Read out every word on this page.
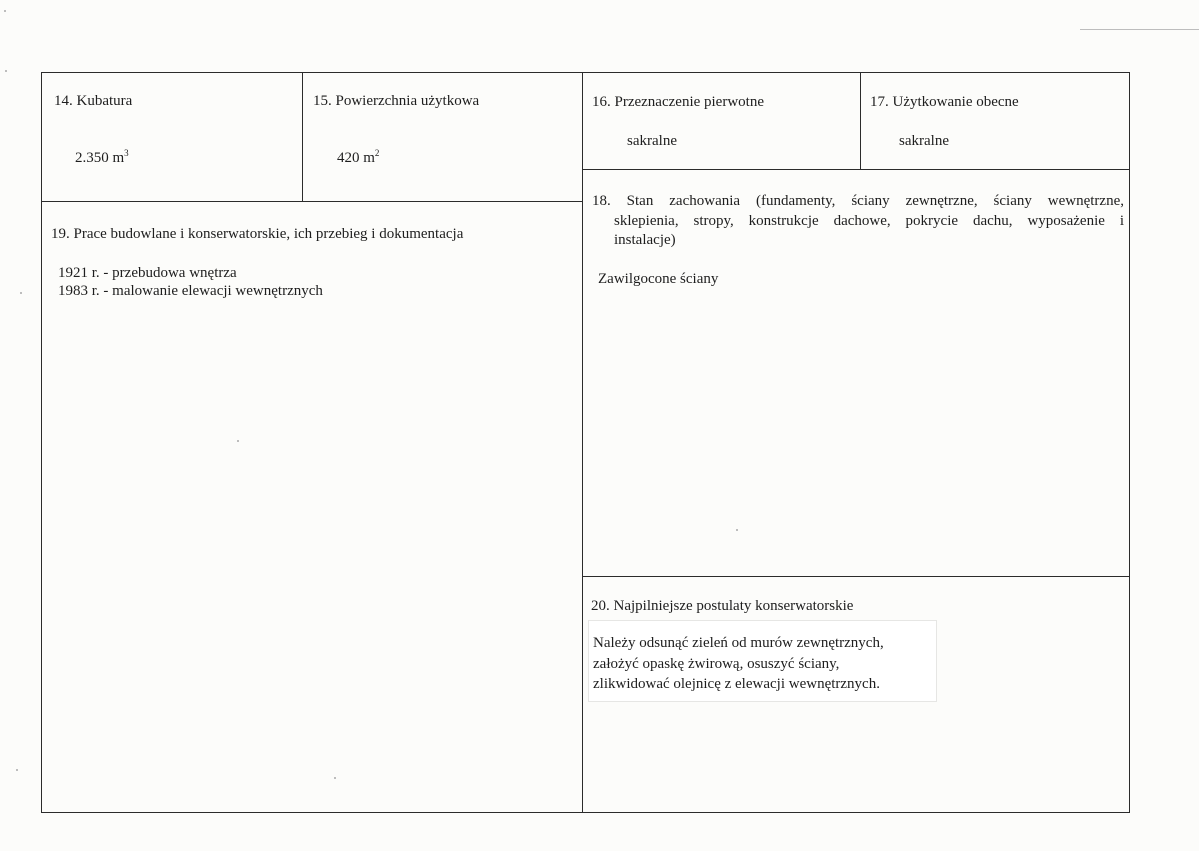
14. Kubatura
2.350 $m^3$
15. Powierzchnia użytkowa
420 $m^2$
16. Przeznaczenie pierwotne
sakralne
17. Użytkowanie obecne
sakralne
18. Stan zachowania (fundamenty, ściany zewnętrzne, ściany wewnętrzne,
sklepienia, stropy, konstrukcje dachowe, pokrycie dachu, wyposażenie i
instalacje)
Zawilgocone ściany
19. Prace budowlane i konserwatorskie, ich przebieg i dokumentacja
1921 r. - przebudowa wnętrza
1983 r. - malowanie elewacji wewnętrznych
20. Najpilniejsze postulaty konserwatorskie
Należy odsunąć zieleń od murów zewnętrznych,
założyć opaskę żwirową, osuszyć ściany,
zlikwidować olejnicę z elewacji wewnętrznych.
